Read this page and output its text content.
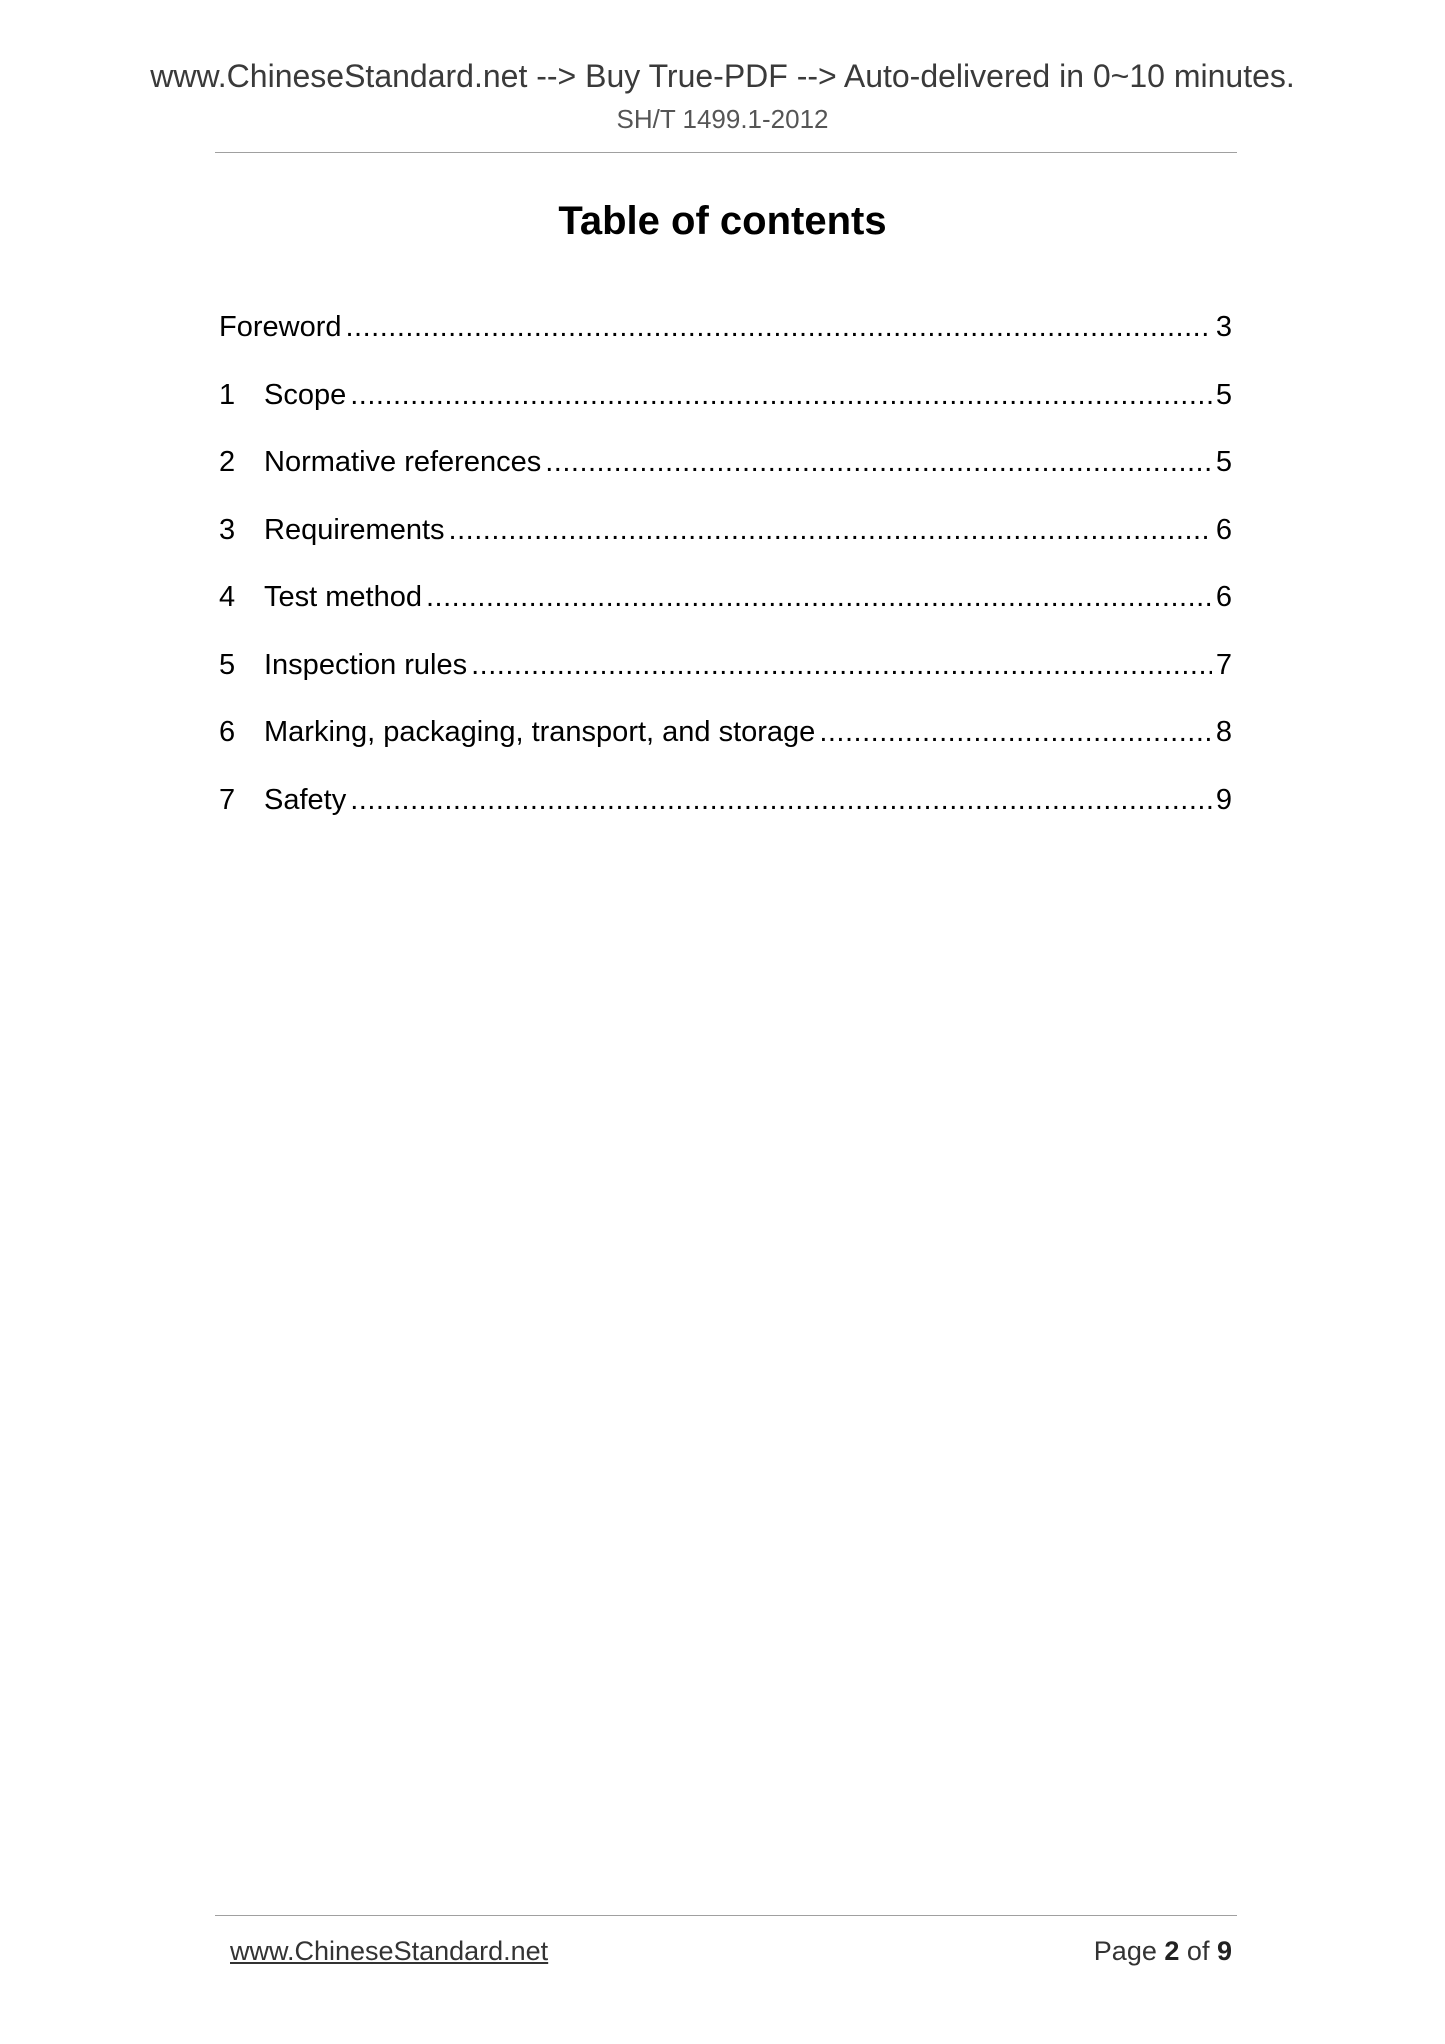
www.ChineseStandard.net --> Buy True-PDF --> Auto-delivered in 0~10 minutes.
SH/T 1499.1-2012
Table of contents
Foreword .....	3
1 Scope .....	5
2 Normative references .....	5
3 Requirements .....	6
4 Test method .....	6
5 Inspection rules .....	7
6 Marking, packaging, transport, and storage .....	8
7 Safety .....	9
www.ChineseStandard.net	Page 2 of 9
